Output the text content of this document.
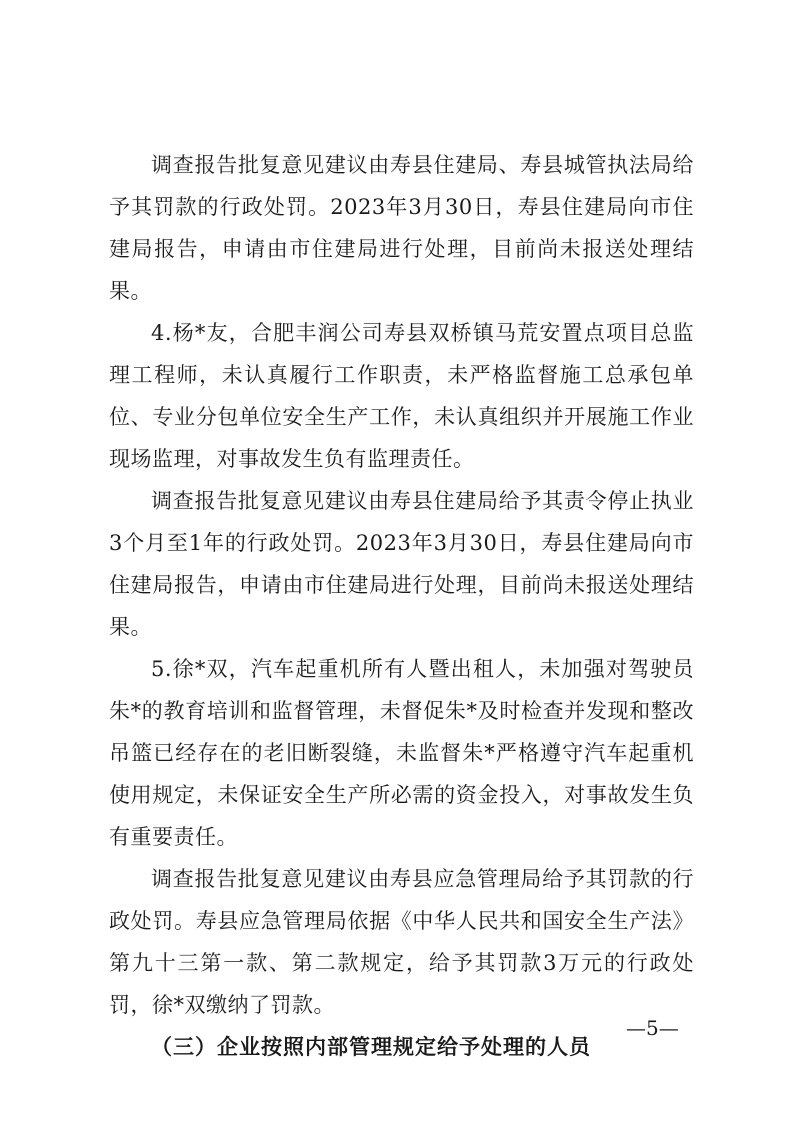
调查报告批复意见建议由寿县住建局、寿县城管执法局给予其罚款的行政处罚。2023年3月30日，寿县住建局向市住建局报告，申请由市住建局进行处理，目前尚未报送处理结果。

4.杨*友，合肥丰润公司寿县双桥镇马荒安置点项目总监理工程师，未认真履行工作职责，未严格监督施工总承包单位、专业分包单位安全生产工作，未认真组织并开展施工作业现场监理，对事故发生负有监理责任。

调查报告批复意见建议由寿县住建局给予其责令停止执业3个月至1年的行政处罚。2023年3月30日，寿县住建局向市住建局报告，申请由市住建局进行处理，目前尚未报送处理结果。

5.徐*双，汽车起重机所有人暨出租人，未加强对驾驶员朱*的教育培训和监督管理，未督促朱*及时检查并发现和整改吊篮已经存在的老旧断裂缝，未监督朱*严格遵守汽车起重机使用规定，未保证安全生产所必需的资金投入，对事故发生负有重要责任。

调查报告批复意见建议由寿县应急管理局给予其罚款的行政处罚。寿县应急管理局依据《中华人民共和国安全生产法》第九十三第一款、第二款规定，给予其罚款3万元的行政处罚，徐*双缴纳了罚款。

（三）企业按照内部管理规定给予处理的人员

—5—
